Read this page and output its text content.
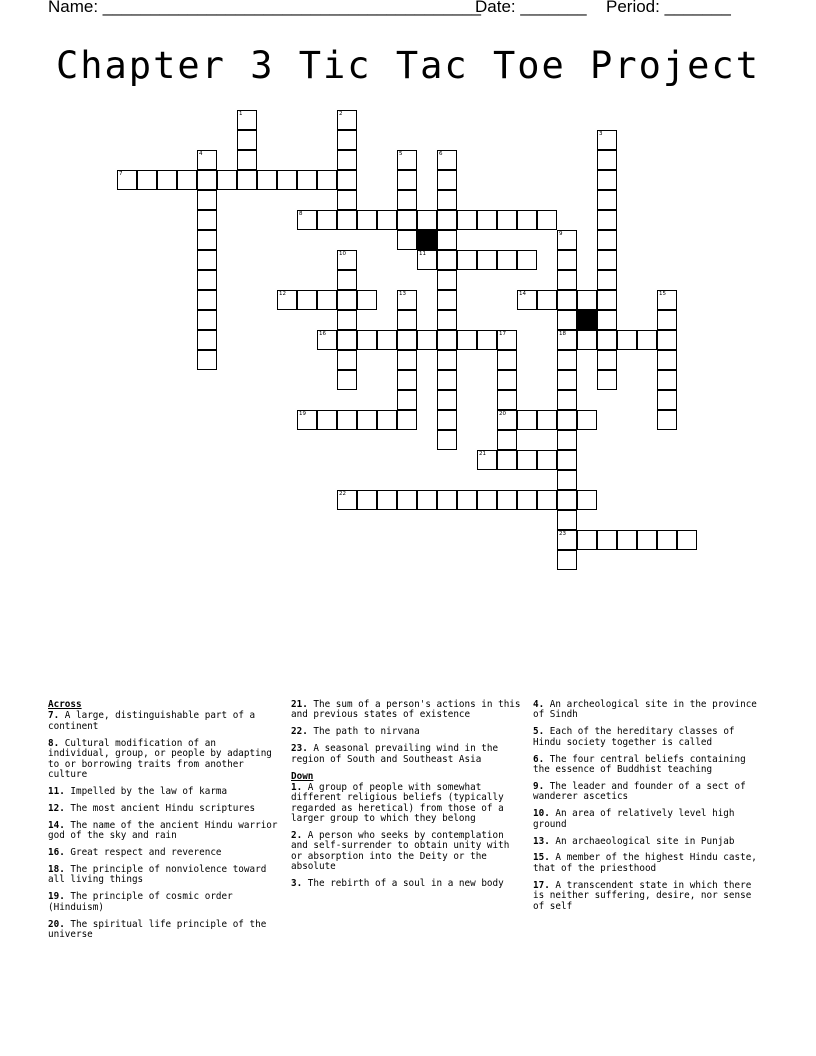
Name: ________________________________________

Date: _______

Period: _______

Chapter 3 Tic Tac Toe Project
7
8
11
12	14
16	17	18
19	20
21
22
23
1	2
3
4	5	6
9
10
13	15
Across
7. A large, distinguishable part of a continent
8. Cultural modification of an individual, group, or people by adapting to or borrowing traits from another culture
11. Impelled by the law of karma
12. The most ancient Hindu scriptures
14. The name of the ancient Hindu warrior god of the sky and rain
16. Great respect and reverence
18. The principle of nonviolence toward all living things
19. The principle of cosmic order (Hinduism)
20. The spiritual life principle of the universe
21. The sum of a person's actions in this and previous states of existence
22. The path to nirvana
23. A seasonal prevailing wind in the region of South and Southeast Asia
Down
1. A group of people with somewhat different religious beliefs (typically regarded as heretical) from those of a larger group to which they belong
2. A person who seeks by contemplation and self-surrender to obtain unity with or absorption into the Deity or the absolute
3. The rebirth of a soul in a new body
4. An archeological site in the province of Sindh
5. Each of the hereditary classes of Hindu society together is called
6. The four central beliefs containing the essence of Buddhist teaching
9. The leader and founder of a sect of wanderer ascetics
10. An area of relatively level high ground
13. An archaeological site in Punjab
15. A member of the highest Hindu caste, that of the priesthood
17. A transcendent state in which there is neither suffering, desire, nor sense of self
